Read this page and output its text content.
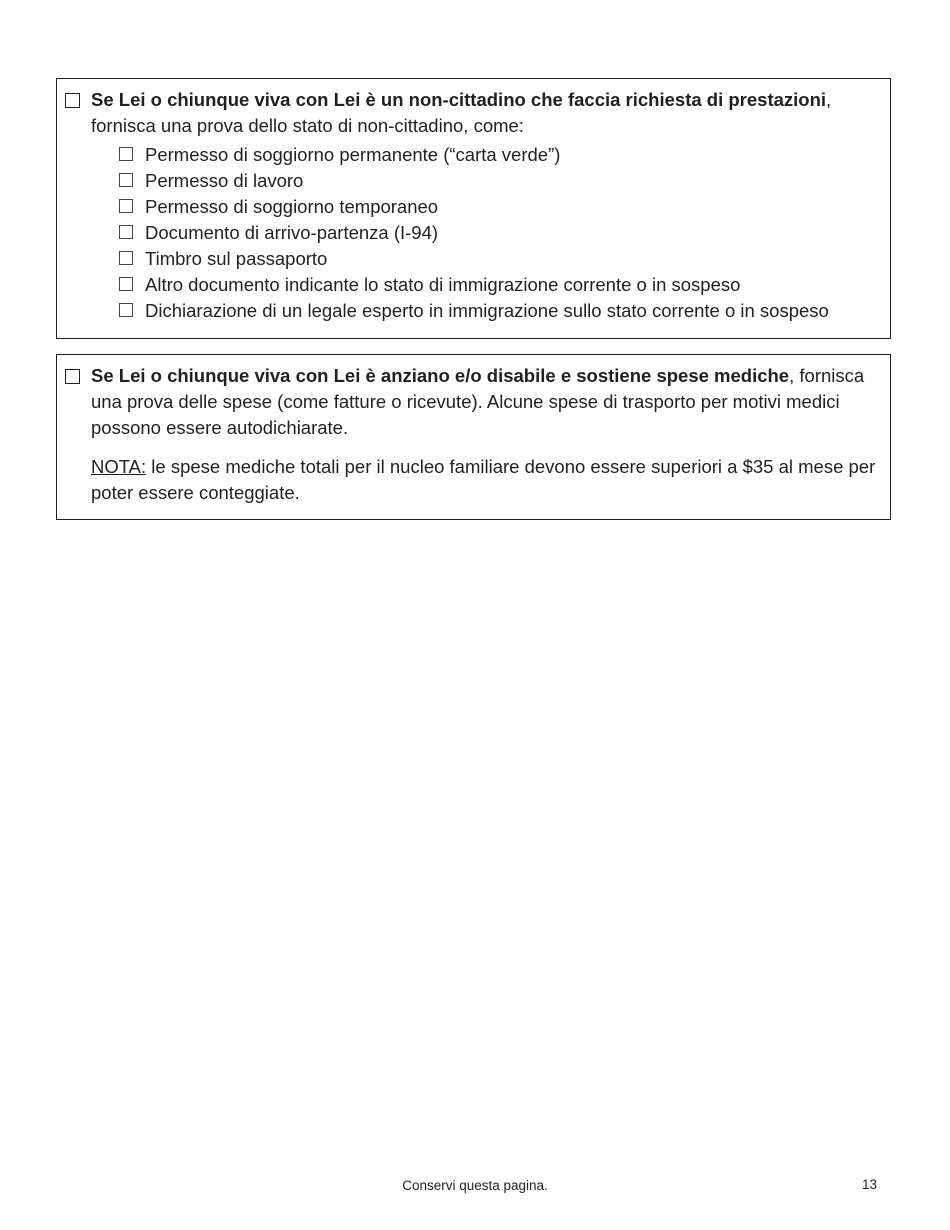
Se Lei o chiunque viva con Lei è un non-cittadino che faccia richiesta di prestazioni,
fornisca una prova dello stato di non-cittadino, come:

Permesso di soggiorno permanente (“carta verde”)
Permesso di lavoro
Permesso di soggiorno temporaneo
Documento di arrivo-partenza (I-94)
Timbro sul passaporto
Altro documento indicante lo stato di immigrazione corrente o in sospeso
Dichiarazione di un legale esperto in immigrazione sullo stato corrente o in sospeso

Se Lei o chiunque viva con Lei è anziano e/o disabile e sostiene spese mediche, fornisca una prova delle spese (come fatture o ricevute). Alcune spese di trasporto per motivi medici possono essere autodichiarate.

NOTA: le spese mediche totali per il nucleo familiare devono essere superiori a $35 al mese per poter essere conteggiate.

Conservi questa pagina.	13
